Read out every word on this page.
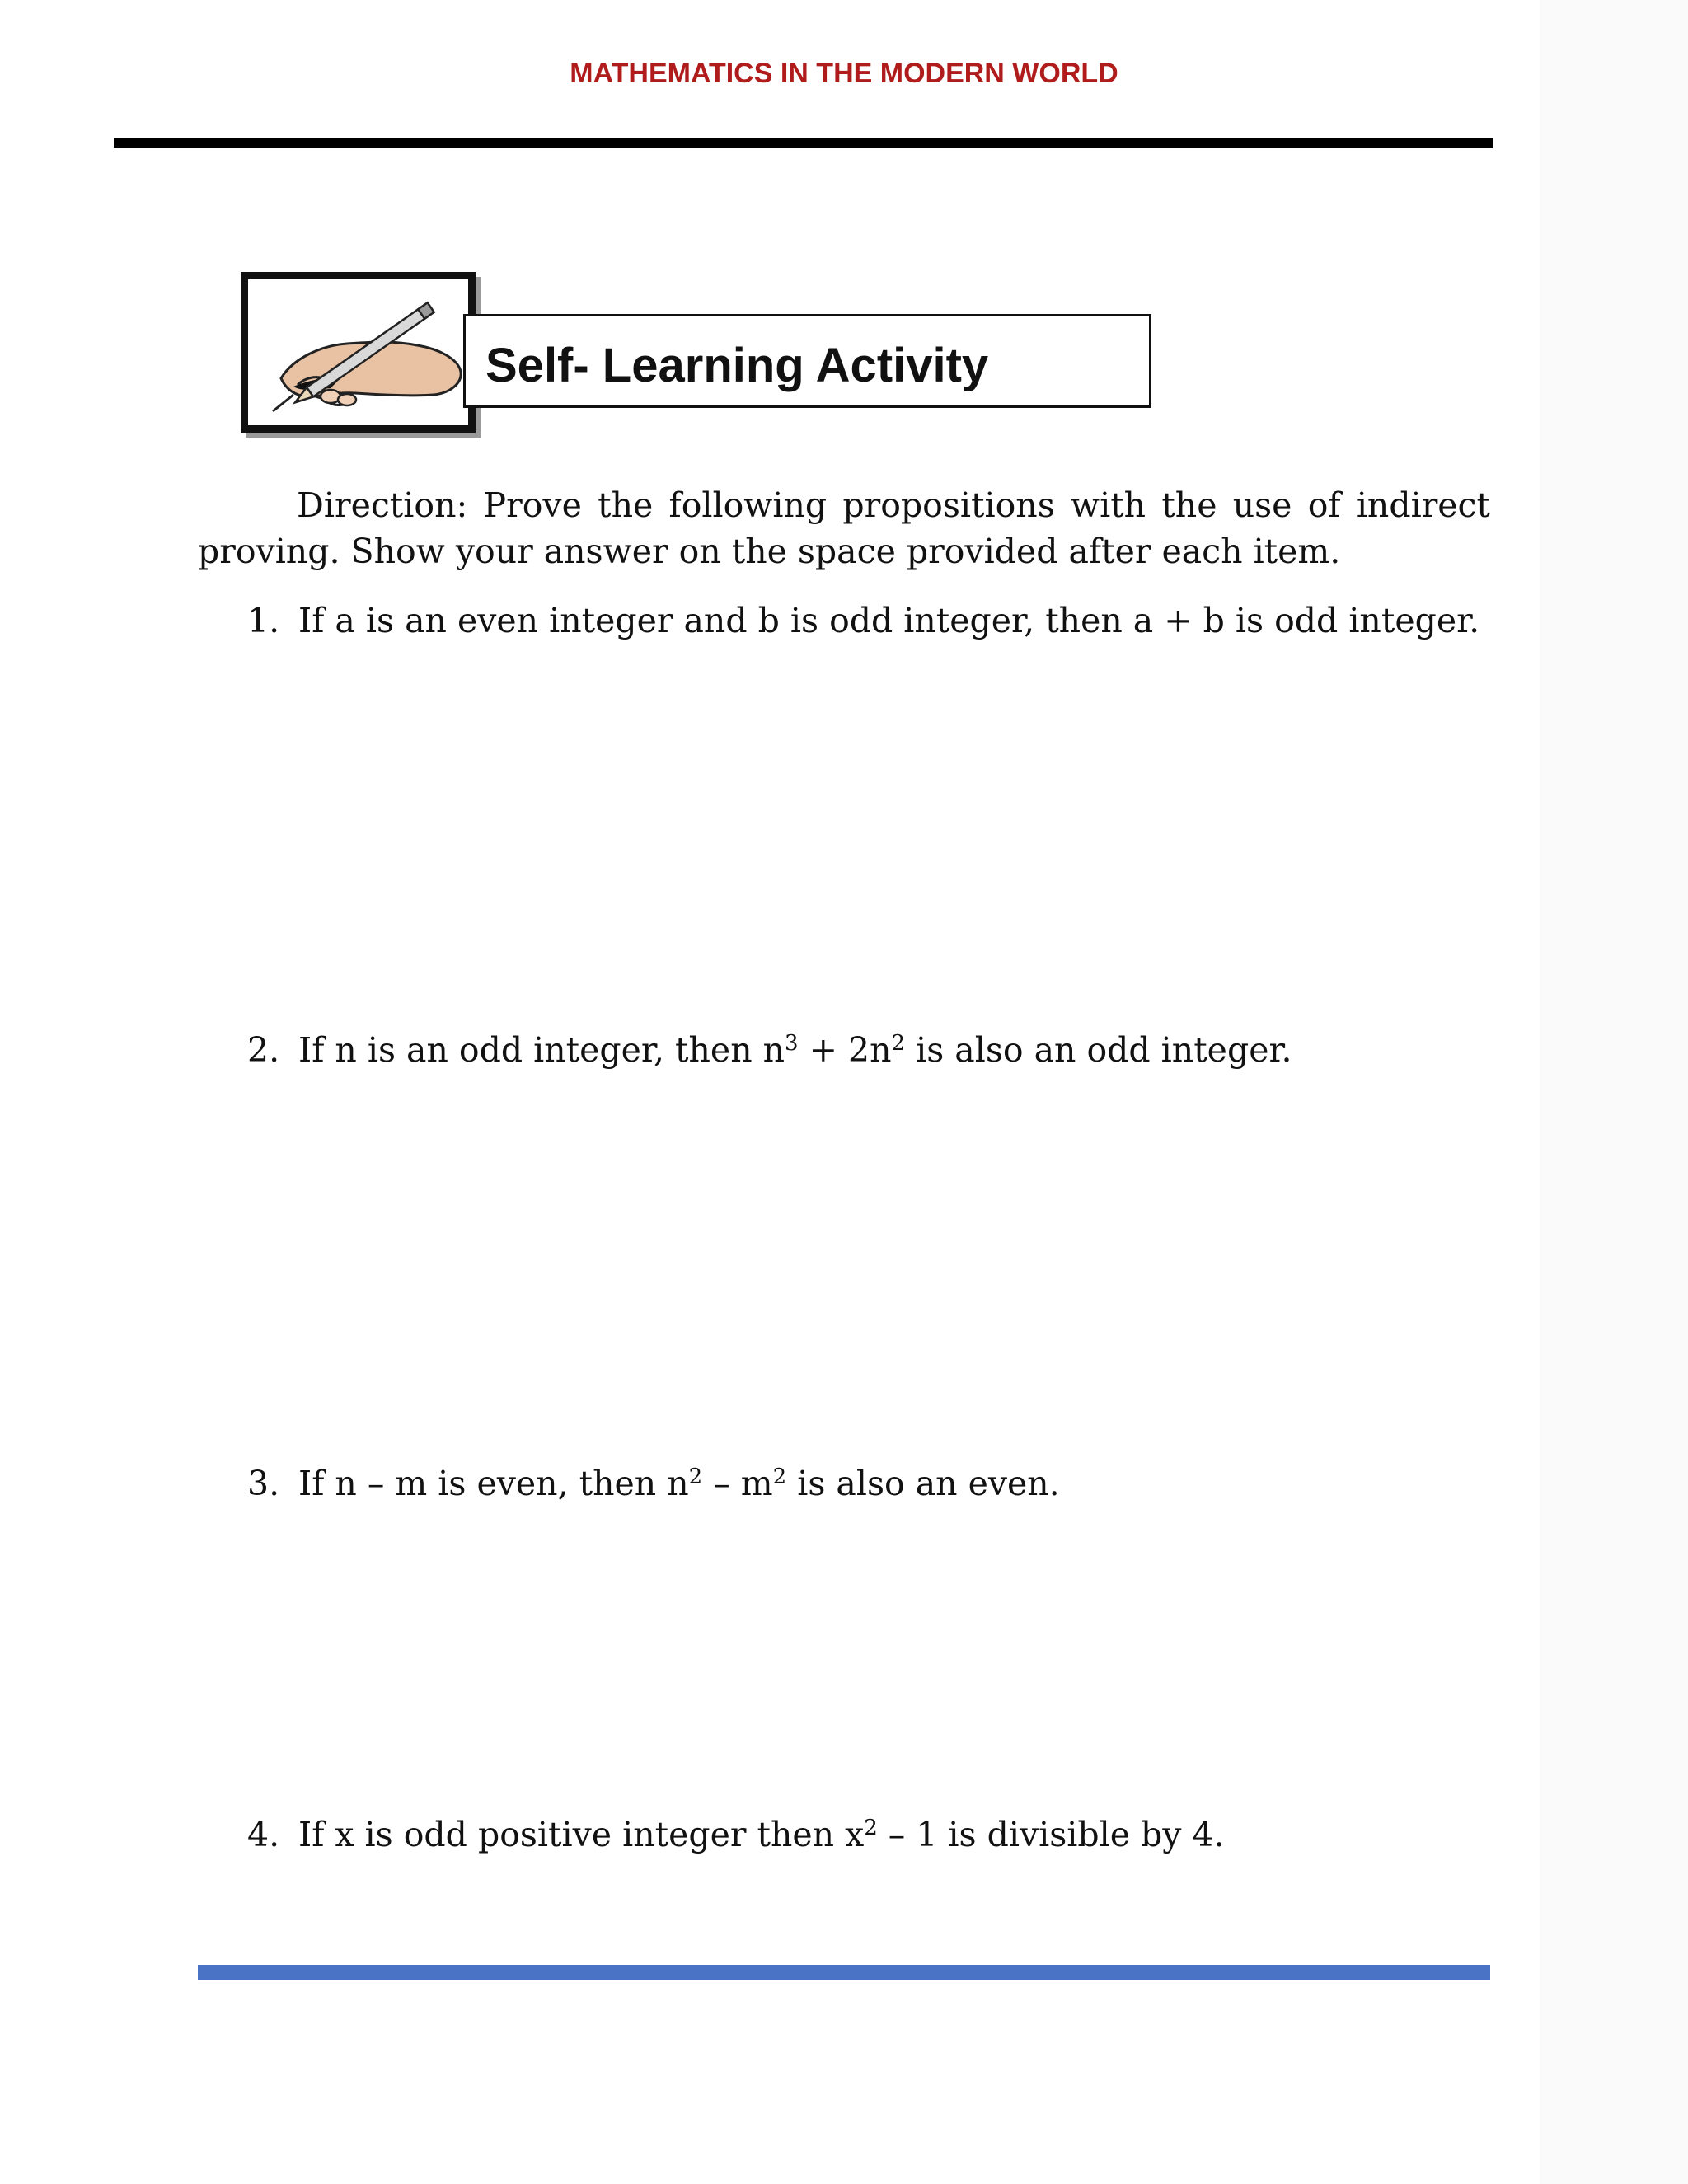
MATHEMATICS IN THE MODERN WORLD
Self- Learning Activity
Direction: Prove the following propositions with the use of indirect proving. Show your answer on the space provided after each item.
1. If a is an even integer and b is odd integer, then a + b is odd integer.
2. If n is an odd integer, then $n^3 + 2n^2$ is also an odd integer.
3. If n – m is even, then $n^2 - m^2$ is also an even.
4. If x is odd positive integer then $x^2 - 1$ is divisible by 4.
